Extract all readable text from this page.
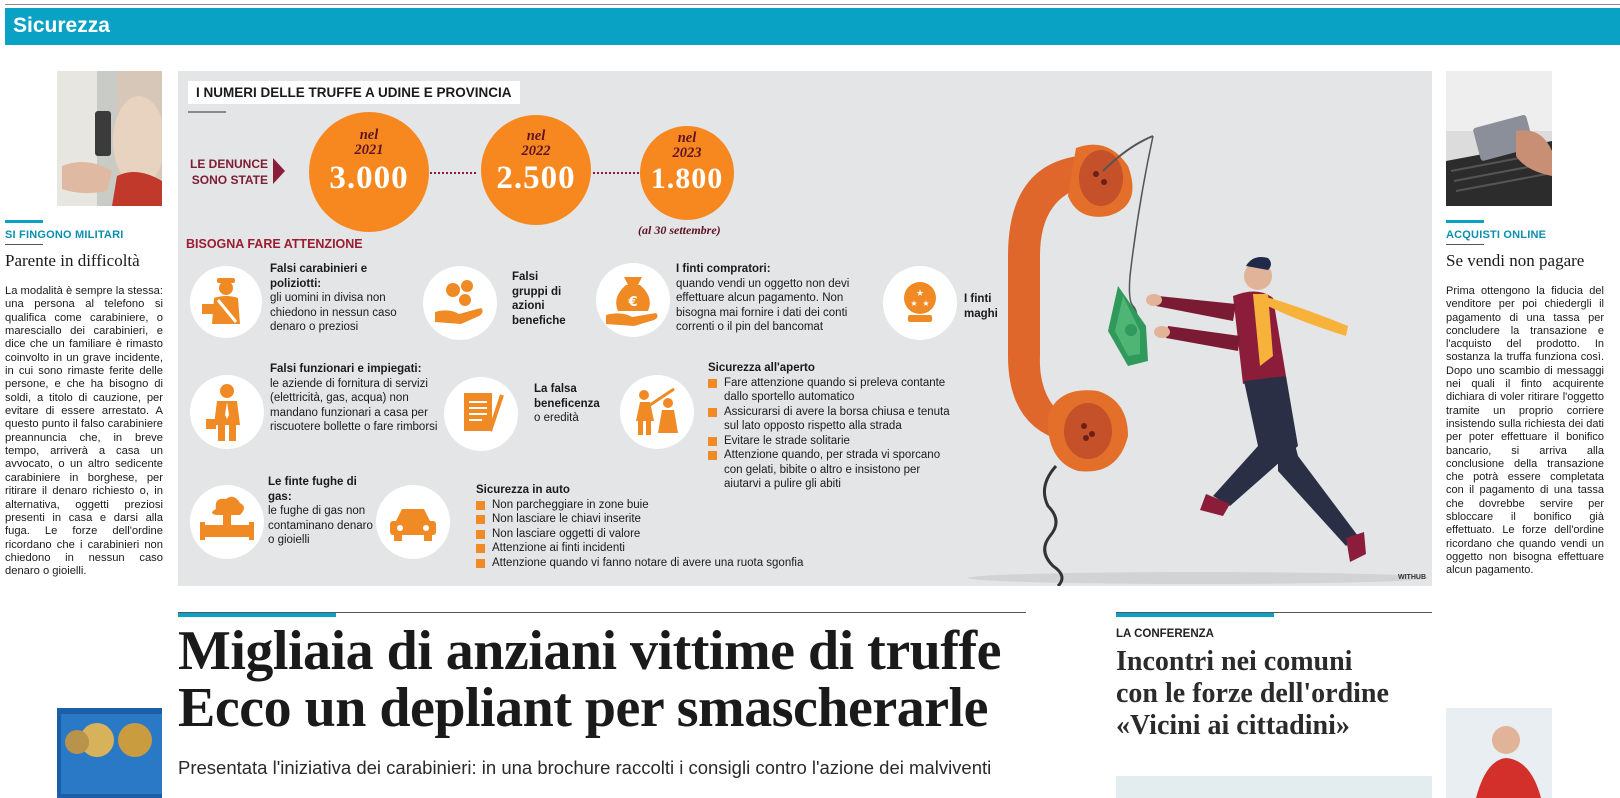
Sicurezza
SI FINGONO MILITARI
Parente in difficoltà
La modalità è sempre la stessa: una persona al telefono si qualifica come carabiniere, o maresciallo dei carabinieri, e dice che un familiare è rimasto coinvolto in un grave incidente, in cui sono rimaste ferite delle persone, e che ha bisogno di soldi, a titolo di cauzione, per evitare di essere arrestato. A questo punto il falso carabiniere preannuncia che, in breve tempo, arriverà a casa un avvocato, o un altro sedicente carabiniere in borghese, per ritirare il denaro richiesto o, in alternativa, oggetti preziosi presenti in casa e darsi alla fuga. Le forze dell'ordine ricordano che i carabinieri non chiedono in nessun caso denaro o gioielli.
ACQUISTI ONLINE
Se vendi non pagare
Prima ottengono la fiducia del venditore per poi chiedergli il pagamento di una tassa per concludere la transazione e l'acquisto del prodotto. In sostanza la truffa funziona così. Dopo uno scambio di messaggi nei quali il finto acquirente dichiara di voler ritirare l'oggetto tramite un proprio corriere insistendo sulla richiesta dei dati per poter effettuare il bonifico bancario, si arriva alla conclusione della transazione che potrà essere completata con il pagamento di una tassa che dovrebbe servire per sbloccare il bonifico già effettuato. Le forze dell'ordine ricordano che quando vendi un oggetto non bisogna effettuare alcun pagamento.
I NUMERI DELLE TRUFFE A UDINE E PROVINCIA
LE DENUNCE SONO STATE
nel
2021
3.000
nel
2022
2.500
nel
2023
1.800
(al 30 settembre)
BISOGNA FARE ATTENZIONE
Falsi carabinieri e poliziotti:
gli uomini in divisa non chiedono in nessun caso denaro o preziosi
Falsi gruppi di azioni benefiche
€
I finti compratori:
quando vendi un oggetto non devi effettuare alcun pagamento. Non bisogna mai fornire i dati dei conti correnti o il pin del bancomat
★
★ ★	I finti maghi
Falsi funzionari e impiegati:
le aziende di fornitura di servizi (elettricità, gas, acqua) non mandano funzionari a casa per riscuotere bollette o fare rimborsi
La falsa beneficenza
o eredità
Sicurezza all'aperto
Fare attenzione quando si preleva contante dallo sportello automatico
Assicurarsi di avere la borsa chiusa e tenuta sul lato opposto rispetto alla strada
Evitare le strade solitarie
Attenzione quando, per strada vi sporcano con gelati, bibite o altro e insistono per aiutarvi a pulire gli abiti
Le finte fughe di gas:
le fughe di gas non contaminano denaro o gioielli
Sicurezza in auto
Non parcheggiare in zone buie
Non lasciare le chiavi inserite
Non lasciare oggetti di valore
Attenzione ai finti incidenti
Attenzione quando vi fanno notare di avere una ruota sgonfia
WITHUB
Migliaia di anziani vittime di truffe
Ecco un depliant per smascherarle
Presentata l'iniziativa dei carabinieri: in una brochure raccolti i consigli contro l'azione dei malviventi
LA CONFERENZA
Incontri nei comuni
con le forze dell'ordine
«Vicini ai cittadini»
